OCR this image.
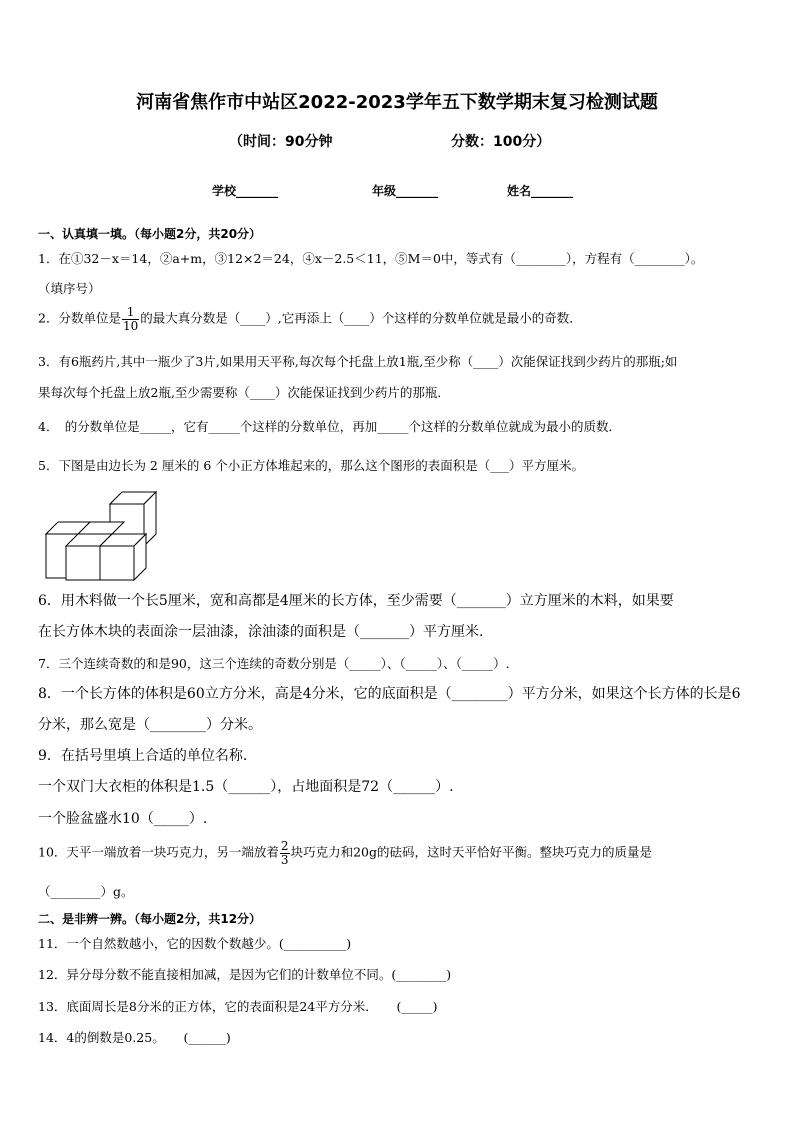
河南省焦作市中站区2022-2023学年五下数学期末复习检测试题
（时间：90分钟	分数：100分）
学校_______	年级_______	姓名_______
一、认真填一填。（每小题2分，共20分）
1．在①32－x＝14，②a+m，③12×2＝24，④x－2.5＜11，⑤M＝0中，等式有（________），方程有（________）。
（填序号）
2．分数单位是 $\frac{1}{10}$ 的最大真分数是（____）,它再添上（____）个这样的分数单位就是最小的奇数．
3．有6瓶药片,其中一瓶少了3片,如果用天平称,每次每个托盘上放1瓶,至少称（____）次能保证找到少药片的那瓶;如
果每次每个托盘上放2瓶,至少需要称（____）次能保证找到少药片的那瓶．
4．　的分数单位是_____，它有_____个这样的分数单位，再加_____个这样的分数单位就成为最小的质数．
5．下图是由边长为 2 厘米的 6 个小正方体堆起来的，那么这个图形的表面积是（___）平方厘米。
6．用木料做一个长5厘米，宽和高都是4厘米的长方体，至少需要（_______）立方厘米的木料，如果要
在长方体木块的表面涂一层油漆，涂油漆的面积是（_______）平方厘米.
7．三个连续奇数的和是90，这三个连续的奇数分别是（_____）、（_____）、（_____）.
8．一个长方体的体积是60立方分米，高是4分米，它的底面积是（________）平方分米，如果这个长方体的长是6
分米，那么宽是（________）分米。
9．在括号里填上合适的单位名称.
一个双门大衣柜的体积是1.5（______），占地面积是72（______）.
一个脸盆盛水10（_____）.
10．天平一端放着一块巧克力，另一端放着 $\frac{2}{3}$ 块巧克力和20g的砝码，这时天平恰好平衡。整块巧克力的质量是
（________）g。
二、是非辨一辨。（每小题2分，共12分）
11．一个自然数越小，它的因数个数越少。(__________)
12．异分母分数不能直接相加减，是因为它们的计数单位不同。(________)
13．底面周长是8分米的正方体，它的表面积是24平方分米．　　(_____)
14．4的倒数是0.25。　　(______)
